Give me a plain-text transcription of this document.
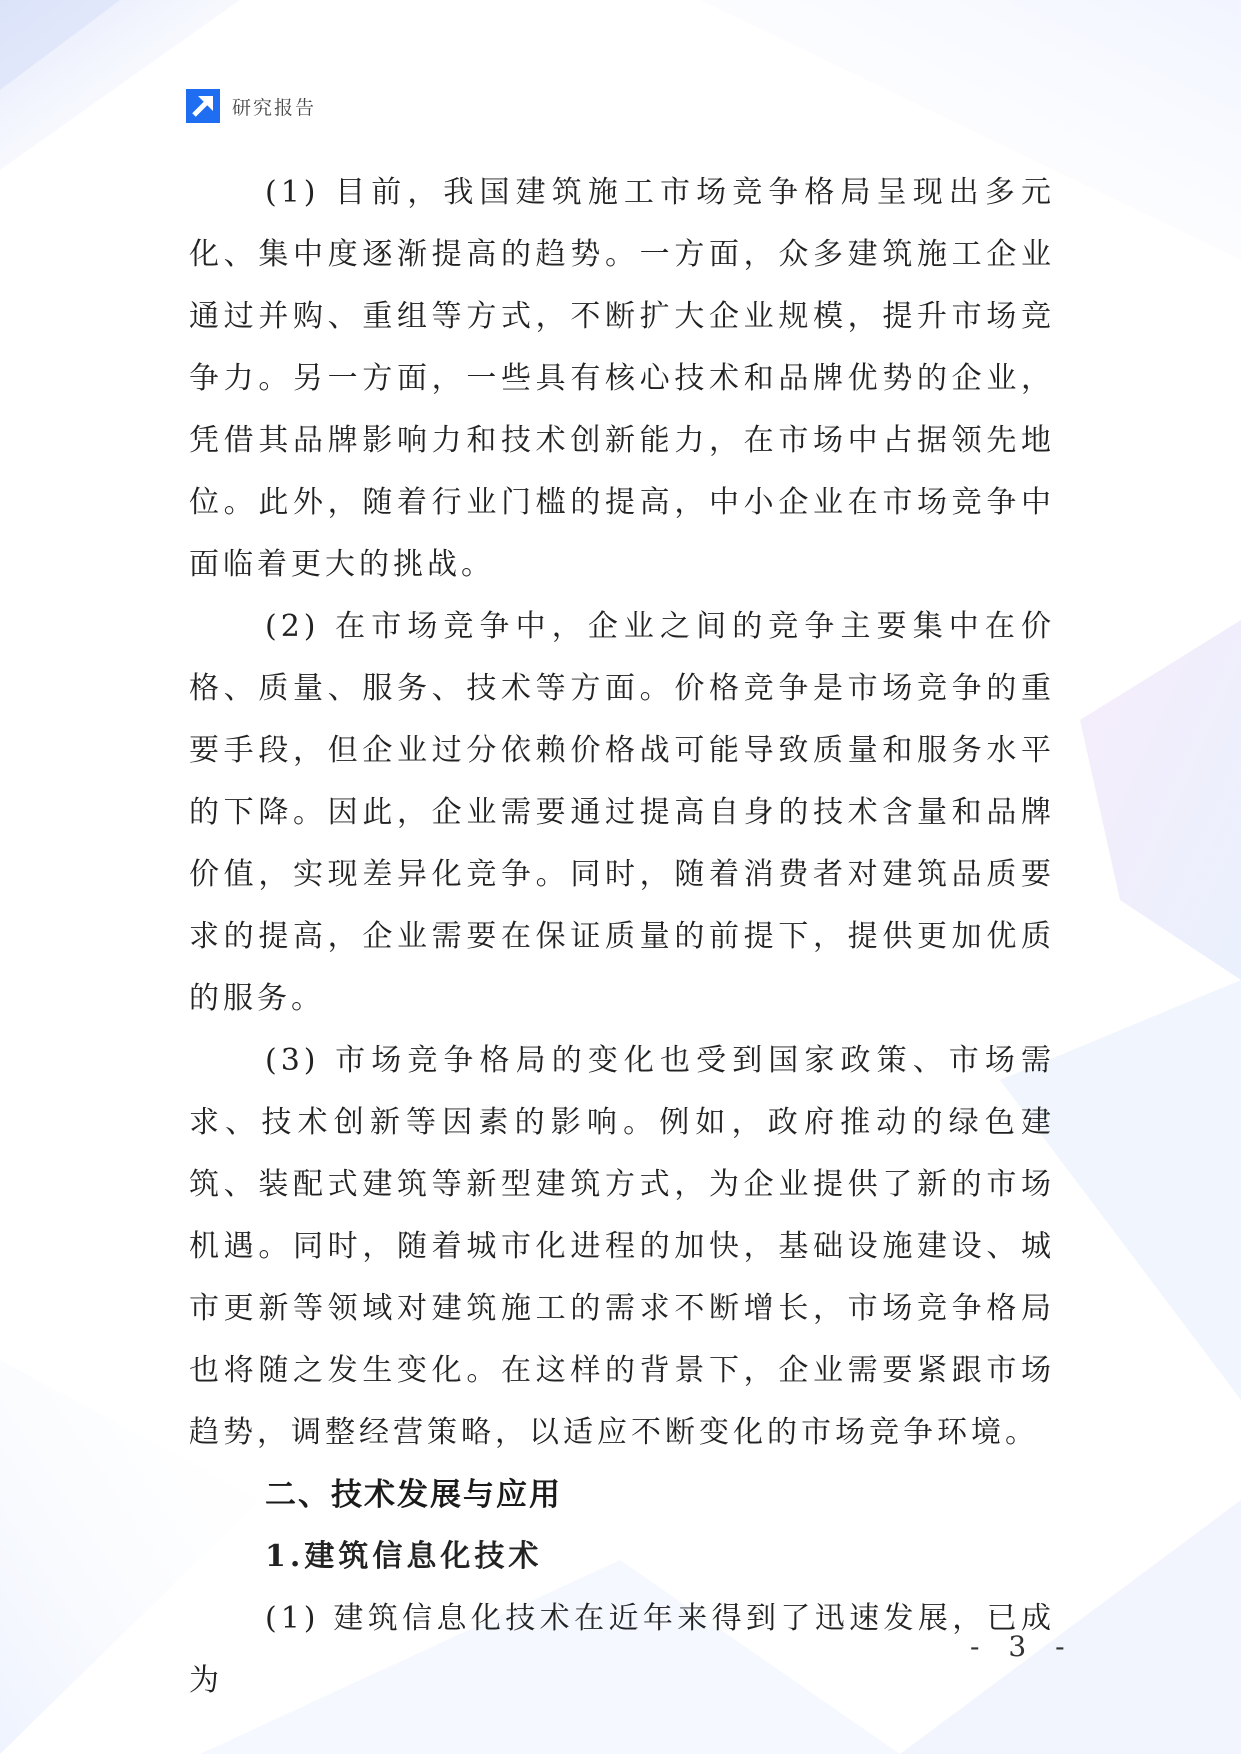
研究报告

(1) 目前，我国建筑施工市场竞争格局呈现出多元化、集中度逐渐提高的趋势。一方面，众多建筑施工企业通过并购、重组等方式，不断扩大企业规模，提升市场竞争力。另一方面，一些具有核心技术和品牌优势的企业，凭借其品牌影响力和技术创新能力，在市场中占据领先地位。此外，随着行业门槛的提高，中小企业在市场竞争中面临着更大的挑战。

(2) 在市场竞争中，企业之间的竞争主要集中在价格、质量、服务、技术等方面。价格竞争是市场竞争的重要手段，但企业过分依赖价格战可能导致质量和服务水平的下降。因此，企业需要通过提高自身的技术含量和品牌价值，实现差异化竞争。同时，随着消费者对建筑品质要求的提高，企业需要在保证质量的前提下，提供更加优质的服务。

(3) 市场竞争格局的变化也受到国家政策、市场需求、技术创新等因素的影响。例如，政府推动的绿色建筑、装配式建筑等新型建筑方式，为企业提供了新的市场机遇。同时，随着城市化进程的加快，基础设施建设、城市更新等领域对建筑施工的需求不断增长，市场竞争格局也将随之发生变化。在这样的背景下，企业需要紧跟市场趋势，调整经营策略，以适应不断变化的市场竞争环境。

二、技术发展与应用
1.建筑信息化技术

(1) 建筑信息化技术在近年来得到了迅速发展，已成为

- 3 -
